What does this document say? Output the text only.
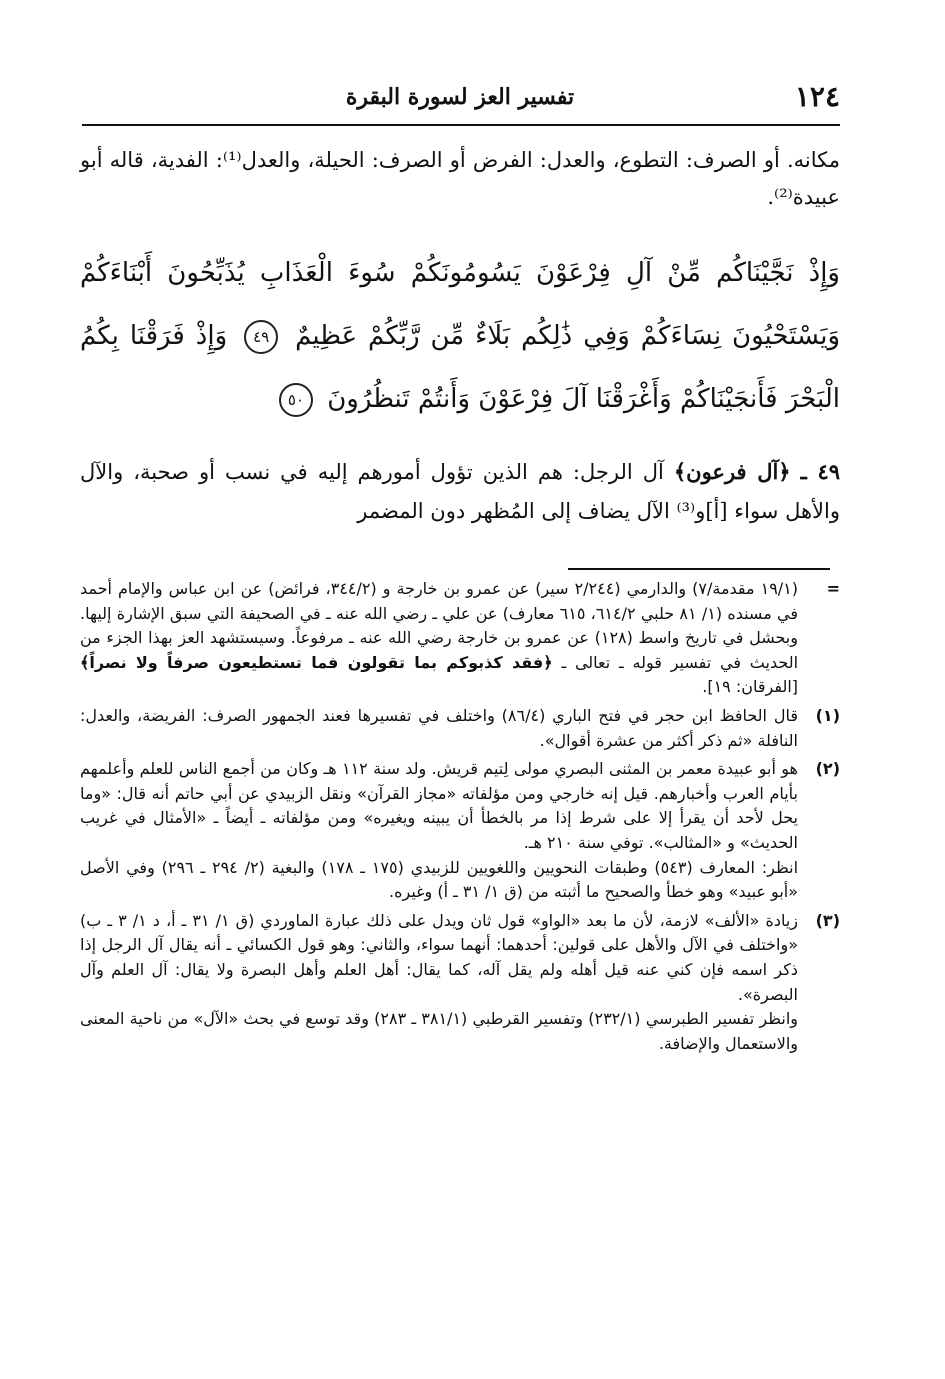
١٢٤
تفسير العز لسورة البقرة

مكانه. أو الصرف: التطوع، والعدل: الفرض أو الصرف: الحيلة، والعدل⁽¹⁾: الفدية، قاله أبو عبيدة⁽²⁾.

وَإِذْ نَجَّيْنَاكُم مِّنْ آلِ فِرْعَوْنَ يَسُومُونَكُمْ سُوءَ الْعَذَابِ يُذَبِّحُونَ أَبْنَاءَكُمْ وَيَسْتَحْيُونَ نِسَاءَكُمْ وَفِي ذَٰلِكُم بَلَاءٌ مِّن رَّبِّكُمْ عَظِيمٌ ٤٩ وَإِذْ فَرَقْنَا بِكُمُ الْبَحْرَ فَأَنجَيْنَاكُمْ وَأَغْرَقْنَا آلَ فِرْعَوْنَ وَأَنتُمْ تَنظُرُونَ ٥٠

٤٩ ـ ﴿آل فرعون﴾ آل الرجل: هم الذين تؤول أمورهم إليه في نسب أو صحبة، والآل والأهل سواء [أ]و⁽³⁾ الآل يضاف إلى المُظهر دون المضمر

=

(١٩/١ مقدمة/٧) والدارمي (٢/٢٤٤ سير) عن عمرو بن خارجة و (٣٤٤/٢، فرائض) عن ابن عباس والإمام أحمد في مسنده (١/ ٨١ حلبي ٦١٤/٢، ٦١٥ معارف) عن علي ـ رضي الله عنه ـ في الصحيفة التي سبق الإشارة إليها. وبحشل في تاريخ واسط (١٢٨) عن عمرو بن خارجة رضي الله عنه ـ مرفوعاً. وسيستشهد العز بهذا الجزء من الحديث في تفسير قوله ـ تعالى ـ ﴿فقد كذبوكم بما تقولون فما تستطيعون صرفاً ولا نصراً﴾ [الفرقان: ١٩].

(١)

قال الحافظ ابن حجر في فتح الباري (٨٦/٤) واختلف في تفسيرها فعند الجمهور الصرف: الفريضة، والعدل: النافلة «ثم ذكر أكثر من عشرة أقوال».

(٢)

هو أبو عبيدة معمر بن المثنى البصري مولى لِتيم قريش. ولد سنة ١١٢ هـ وكان من أجمع الناس للعلم وأعلمهم بأيام العرب وأخبارهم. قيل إنه خارجي ومن مؤلفاته «مجاز القرآن» ونقل الزبيدي عن أبي حاتم أنه قال: «وما يحل لأحد أن يقرأ إلا على شرط إذا مر بالخطأ أن يبينه ويغيره» ومن مؤلفاته ـ أيضاً ـ «الأمثال في غريب الحديث» و «المثالب». توفي سنة ٢١٠ هـ.

انظر: المعارف (٥٤٣) وطبقات النحويين واللغويين للزبيدي (١٧٥ ـ ١٧٨) والبغية (٢/ ٢٩٤ ـ ٢٩٦) وفي الأصل «أبو عبيد» وهو خطأ والصحيح ما أثبته من (ق ١/ ٣١ ـ أ) وغيره.

(٣)

زيادة «الألف» لازمة، لأن ما بعد «الواو» قول ثان ويدل على ذلك عبارة الماوردي (ق ١/ ٣١ ـ أ، د ١/ ٣ ـ ب) «واختلف في الآل والأهل على قولين: أحدهما: أنهما سواء، والثاني: وهو قول الكسائي ـ أنه يقال آل الرجل إذا ذكر اسمه فإن كني عنه قيل أهله ولم يقل آله، كما يقال: أهل العلم وأهل البصرة ولا يقال: آل العلم وآل البصرة».

وانظر تفسير الطبرسي (٢٣٢/١) وتفسير القرطبي (٣٨١/١ ـ ٢٨٣) وقد توسع في بحث «الآل» من ناحية المعنى والاستعمال والإضافة.
